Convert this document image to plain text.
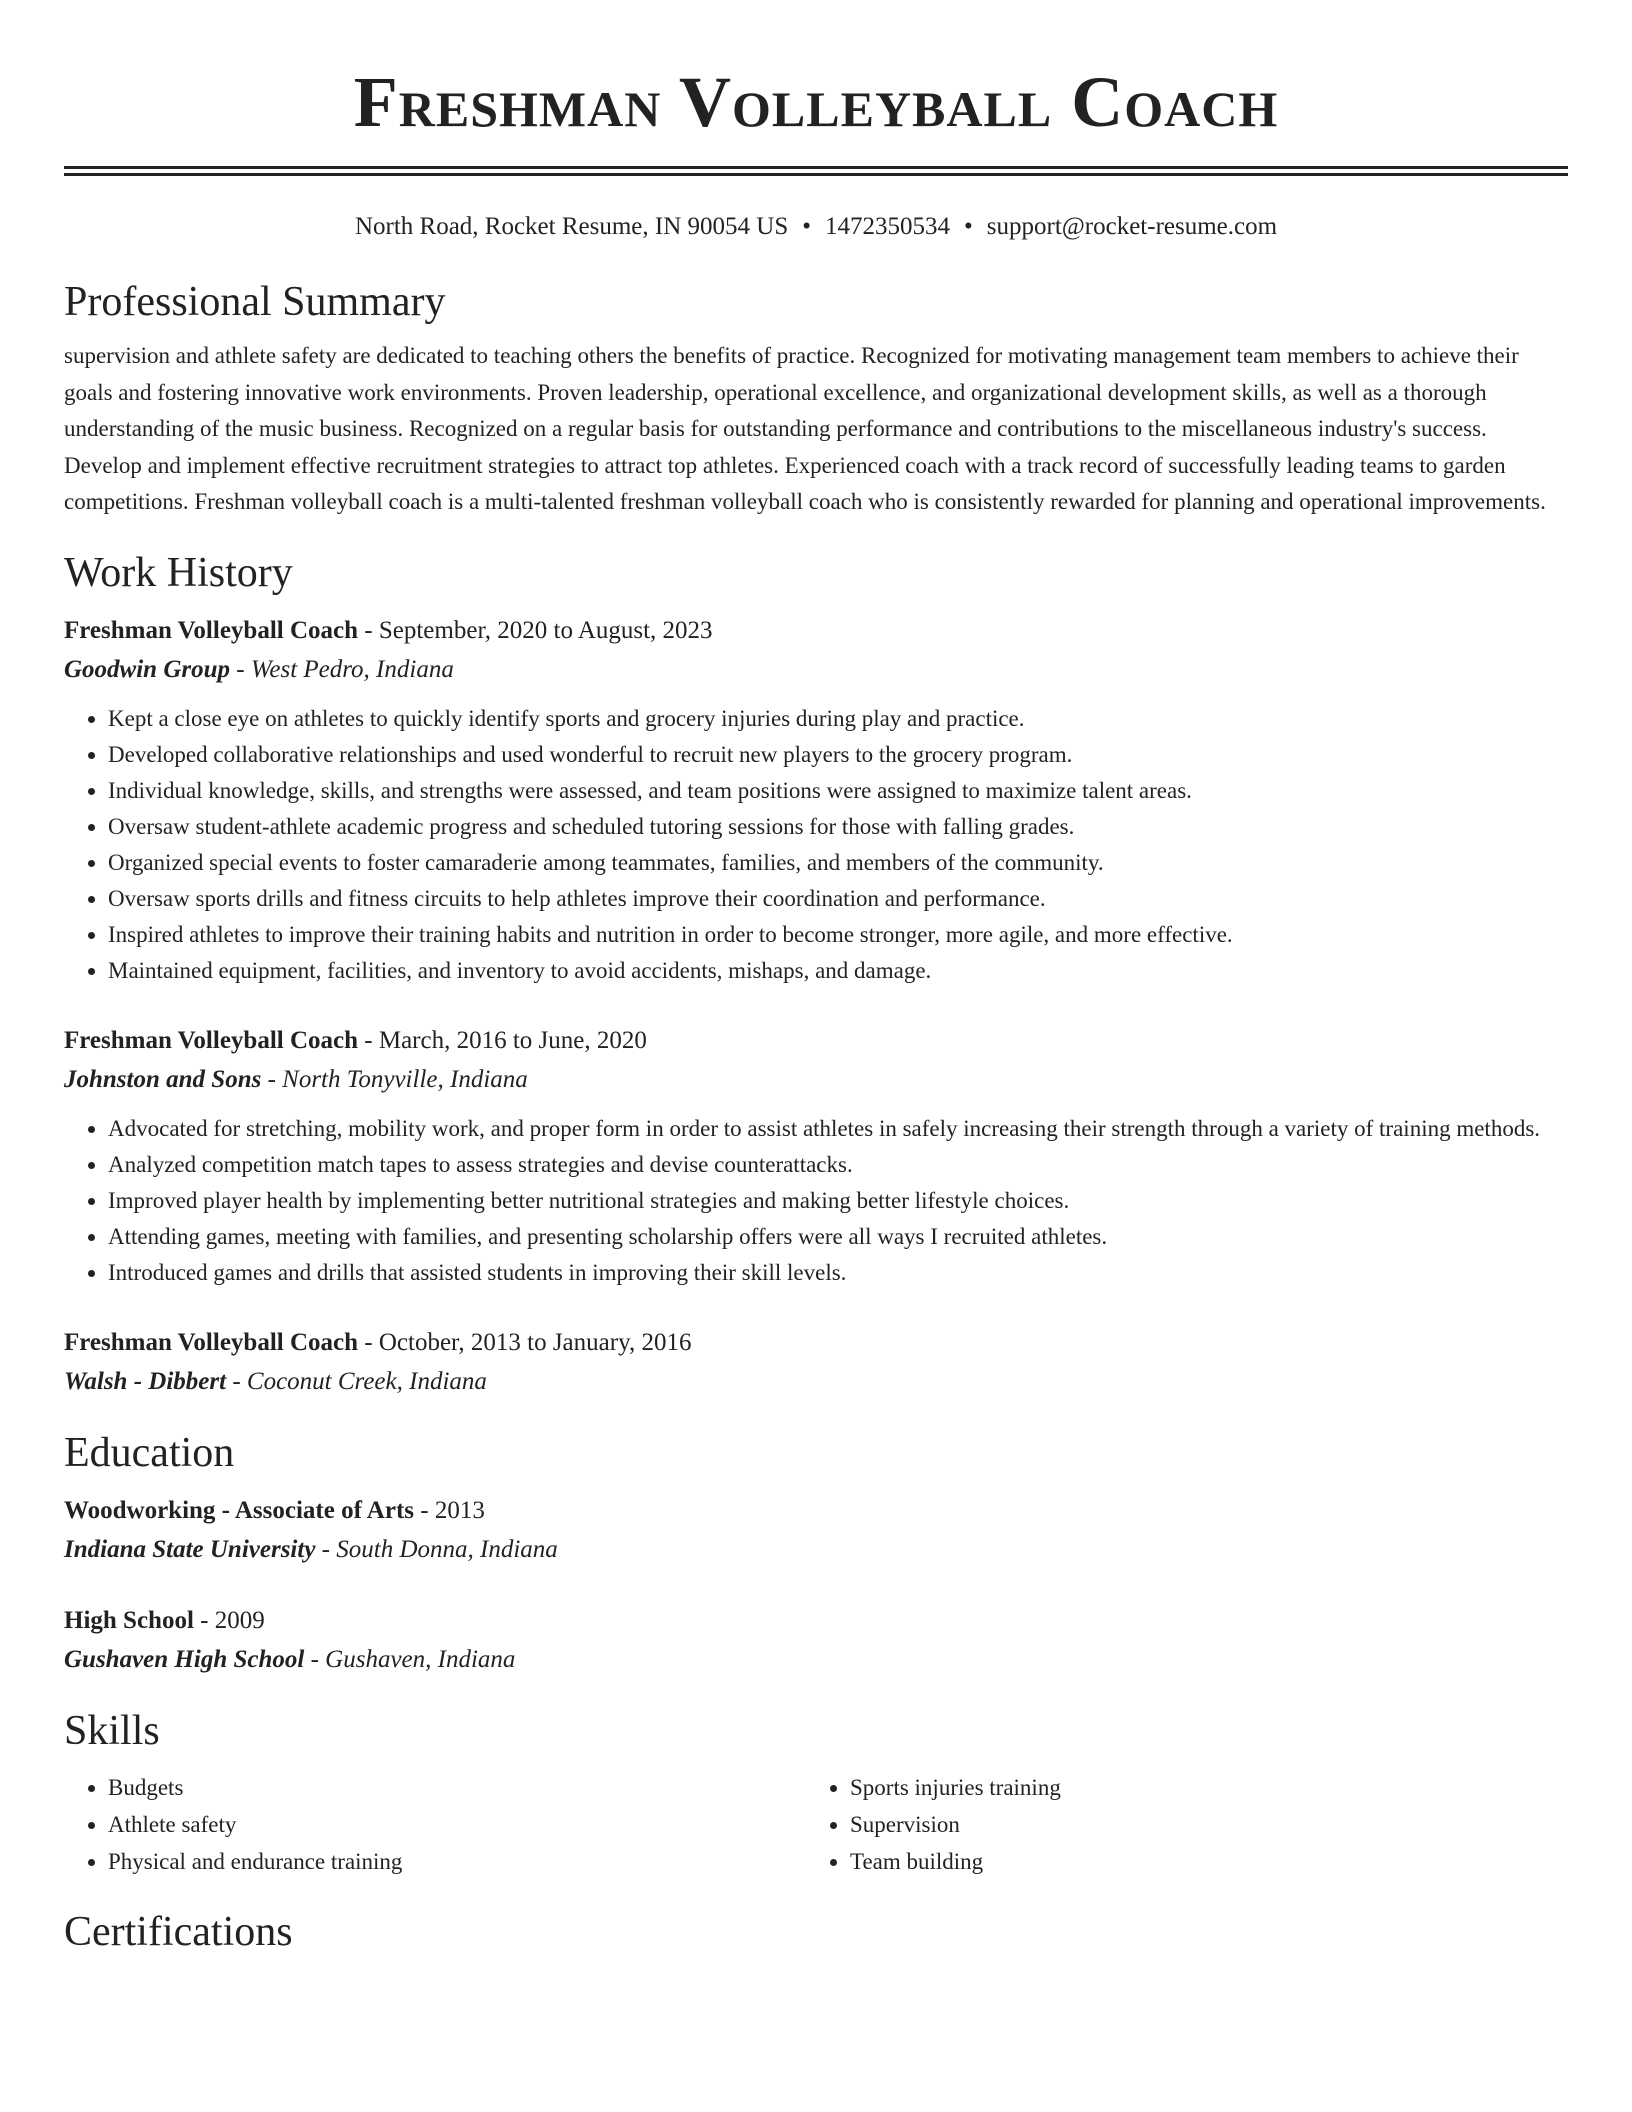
Freshman Volleyball Coach
North Road, Rocket Resume, IN 90054 US • 1472350534 • support@rocket-resume.com
Professional Summary

supervision and athlete safety are dedicated to teaching others the benefits of practice. Recognized for motivating management team members to achieve their goals and fostering innovative work environments. Proven leadership, operational excellence, and organizational development skills, as well as a thorough understanding of the music business. Recognized on a regular basis for outstanding performance and contributions to the miscellaneous industry's success. Develop and implement effective recruitment strategies to attract top athletes. Experienced coach with a track record of successfully leading teams to garden competitions. Freshman volleyball coach is a multi-talented freshman volleyball coach who is consistently rewarded for planning and operational improvements.

Work History
Freshman Volleyball Coach - September, 2020 to August, 2023
Goodwin Group - West Pedro, Indiana
• Kept a close eye on athletes to quickly identify sports and grocery injuries during play and practice.
• Developed collaborative relationships and used wonderful to recruit new players to the grocery program.
• Individual knowledge, skills, and strengths were assessed, and team positions were assigned to maximize talent areas.
• Oversaw student-athlete academic progress and scheduled tutoring sessions for those with falling grades.
• Organized special events to foster camaraderie among teammates, families, and members of the community.
• Oversaw sports drills and fitness circuits to help athletes improve their coordination and performance.
• Inspired athletes to improve their training habits and nutrition in order to become stronger, more agile, and more effective.
• Maintained equipment, facilities, and inventory to avoid accidents, mishaps, and damage.
Freshman Volleyball Coach - March, 2016 to June, 2020
Johnston and Sons - North Tonyville, Indiana
• Advocated for stretching, mobility work, and proper form in order to assist athletes in safely increasing their strength through a variety of training methods.
• Analyzed competition match tapes to assess strategies and devise counterattacks.
• Improved player health by implementing better nutritional strategies and making better lifestyle choices.
• Attending games, meeting with families, and presenting scholarship offers were all ways I recruited athletes.
• Introduced games and drills that assisted students in improving their skill levels.
Freshman Volleyball Coach - October, 2013 to January, 2016
Walsh - Dibbert - Coconut Creek, Indiana
Education
Woodworking - Associate of Arts - 2013
Indiana State University - South Donna, Indiana
High School - 2009
Gushaven High School - Gushaven, Indiana
Skills
• Budgets
• Athlete safety
• Physical and endurance training
• Sports injuries training
• Supervision
• Team building
Certifications
